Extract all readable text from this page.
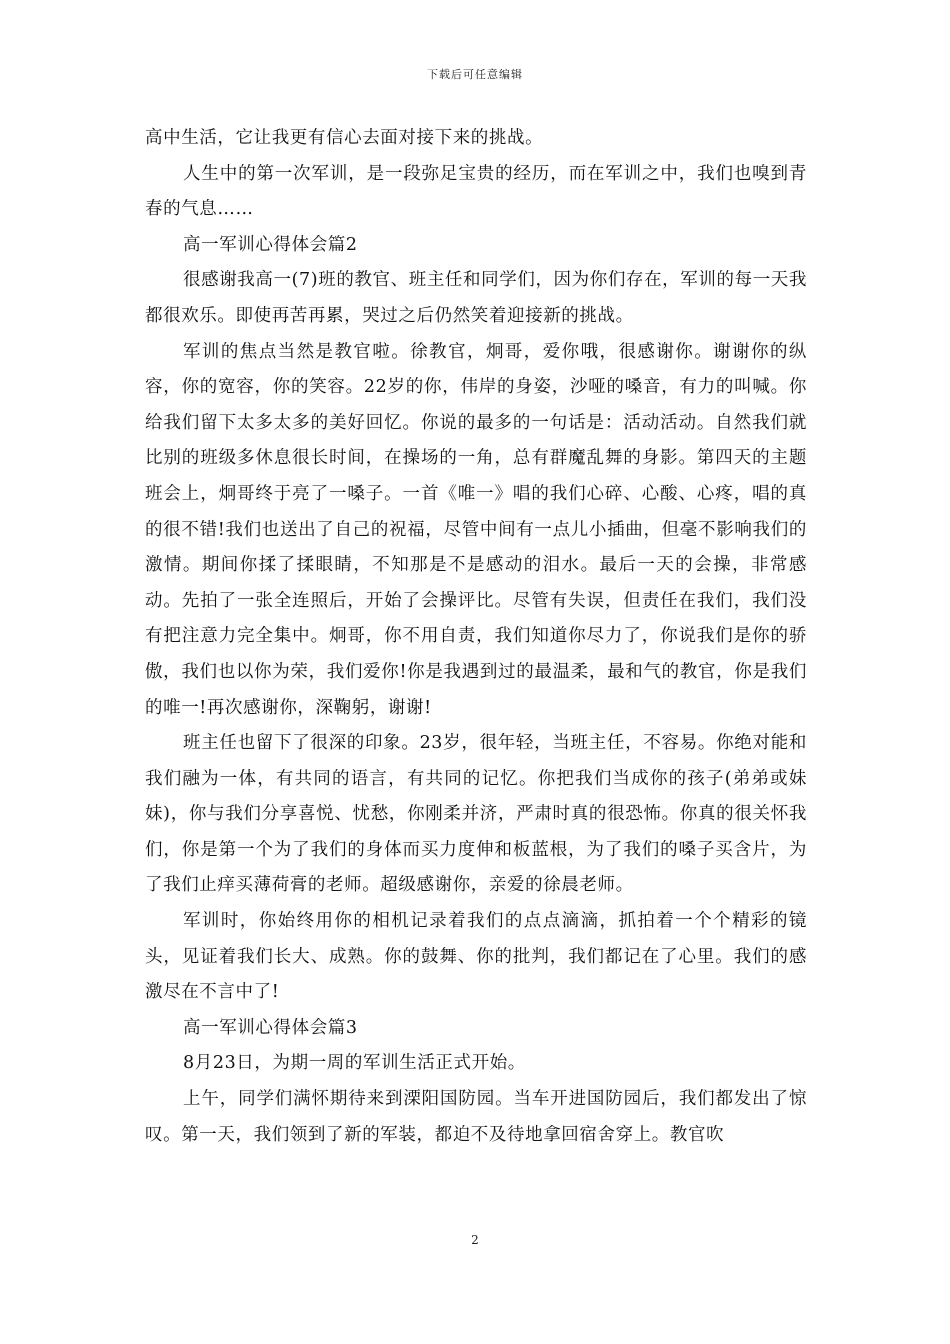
下载后可任意编辑

高中生活，它让我更有信心去面对接下来的挑战。

人生中的第一次军训，是一段弥足宝贵的经历，而在军训之中，我们也嗅到青春的气息……

高一军训心得体会篇2

很感谢我高一(7)班的教官、班主任和同学们，因为你们存在，军训的每一天我都很欢乐。即使再苦再累，哭过之后仍然笑着迎接新的挑战。

军训的焦点当然是教官啦。徐教官，炯哥，爱你哦，很感谢你。谢谢你的纵容，你的宽容，你的笑容。22岁的你，伟岸的身姿，沙哑的嗓音，有力的叫喊。你给我们留下太多太多的美好回忆。你说的最多的一句话是：活动活动。自然我们就比别的班级多休息很长时间，在操场的一角，总有群魔乱舞的身影。第四天的主题班会上，炯哥终于亮了一嗓子。一首《唯一》唱的我们心碎、心酸、心疼，唱的真的很不错!我们也送出了自己的祝福，尽管中间有一点儿小插曲，但毫不影响我们的激情。期间你揉了揉眼睛，不知那是不是感动的泪水。最后一天的会操，非常感动。先拍了一张全连照后，开始了会操评比。尽管有失误，但责任在我们，我们没有把注意力完全集中。炯哥，你不用自责，我们知道你尽力了，你说我们是你的骄傲，我们也以你为荣，我们爱你!你是我遇到过的最温柔，最和气的教官，你是我们的唯一!再次感谢你，深鞠躬，谢谢!

班主任也留下了很深的印象。23岁，很年轻，当班主任，不容易。你绝对能和我们融为一体，有共同的语言，有共同的记忆。你把我们当成你的孩子(弟弟或妹妹)，你与我们分享喜悦、忧愁，你刚柔并济，严肃时真的很恐怖。你真的很关怀我们，你是第一个为了我们的身体而买力度伸和板蓝根，为了我们的嗓子买含片，为了我们止痒买薄荷膏的老师。超级感谢你，亲爱的徐晨老师。

军训时，你始终用你的相机记录着我们的点点滴滴，抓拍着一个个精彩的镜头，见证着我们长大、成熟。你的鼓舞、你的批判，我们都记在了心里。我们的感激尽在不言中了!

高一军训心得体会篇3

8月23日，为期一周的军训生活正式开始。

上午，同学们满怀期待来到溧阳国防园。当车开进国防园后，我们都发出了惊叹。第一天，我们领到了新的军装，都迫不及待地拿回宿舍穿上。教官吹

2
